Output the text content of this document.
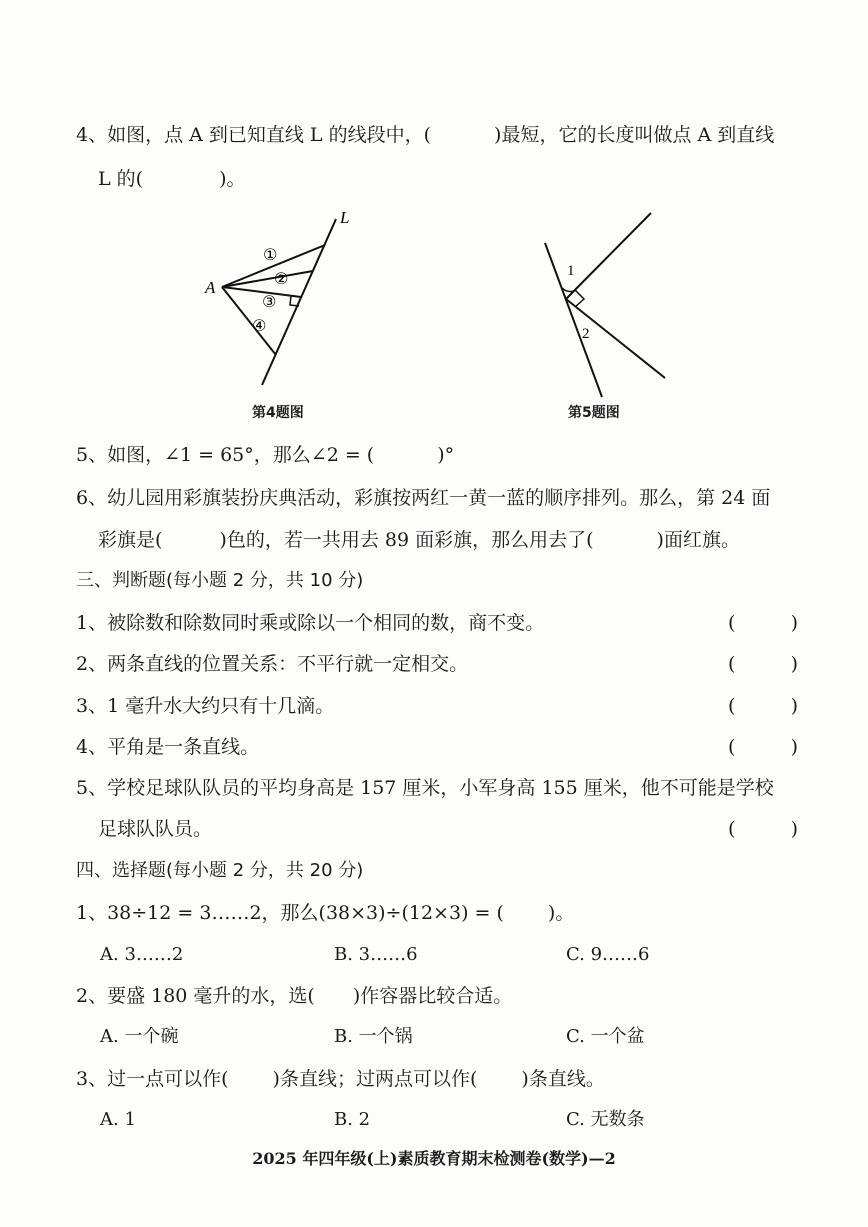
4、如图，点 A 到已知直线 L 的线段中，(　　　 )最短，它的长度叫做点 A 到直线
L 的(　　　　)。
L
A
①
②
③
④
第4题图
1
2
第5题图
5、如图，∠1 = 65°，那么∠2 = (　　　 )°
6、幼儿园用彩旗装扮庆典活动，彩旗按两红一黄一蓝的顺序排列。那么，第 24 面
彩旗是(　　　)色的，若一共用去 89 面彩旗，那么用去了(　　　 )面红旗。
三、判断题(每小题 2 分，共 10 分)
1、被除数和除数同时乘或除以一个相同的数，商不变。	(	)
2、两条直线的位置关系：不平行就一定相交。	(	)
3、1 毫升水大约只有十几滴。	(	)
4、平角是一条直线。	(	)
5、学校足球队队员的平均身高是 157 厘米，小军身高 155 厘米，他不可能是学校
足球队队员。	(	)
四、选择题(每小题 2 分，共 20 分)
1、38÷12 = 3……2，那么(38×3)÷(12×3) = (　　 )。
A. 3……2	B. 3……6	C. 9……6
2、要盛 180 毫升的水，选(　　)作容器比较合适。
A. 一个碗	B. 一个锅	C. 一个盆
3、过一点可以作(　　 )条直线；过两点可以作(　　 )条直线。
A. 1	B. 2	C. 无数条
2025 年四年级(上)素质教育期末检测卷(数学)—2
